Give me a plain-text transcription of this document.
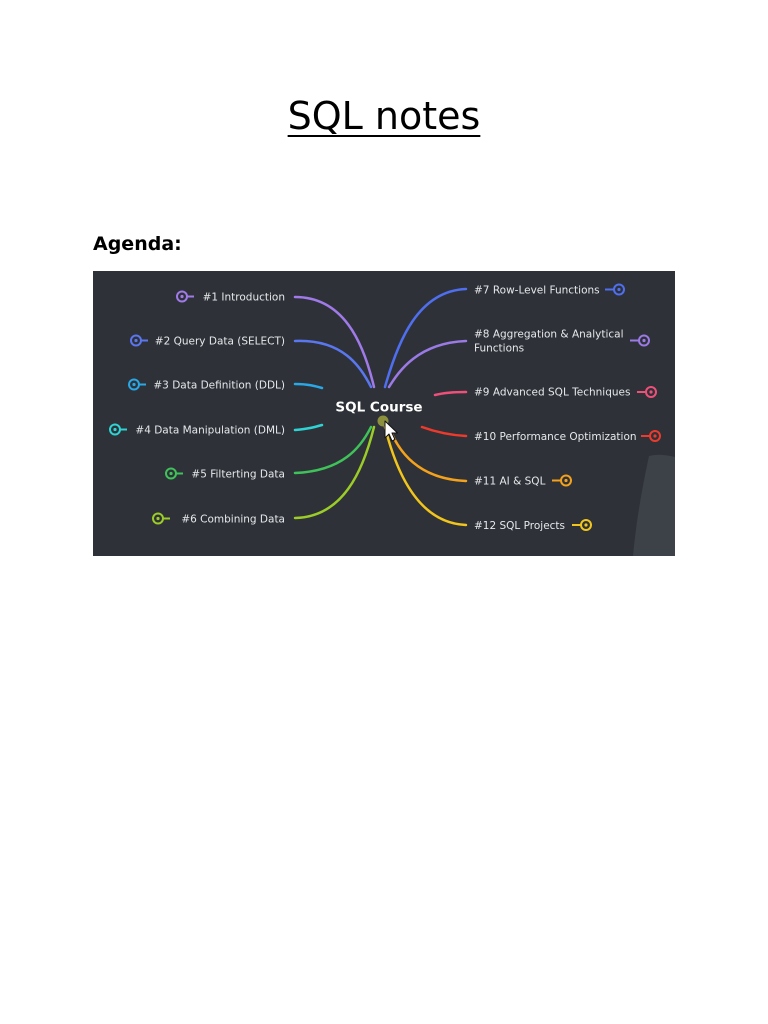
SQL notes
Agenda:
#1 Introduction
#2 Query Data (SELECT)
#3 Data Definition (DDL)
#4 Data Manipulation (DML)
#5 Filterting Data
#6 Combining Data
#7 Row-Level Functions
#8 Aggregation & Analytical
Functions
#9 Advanced SQL Techniques
#10 Performance Optimization
#11 AI & SQL
#12 SQL Projects
SQL Course
